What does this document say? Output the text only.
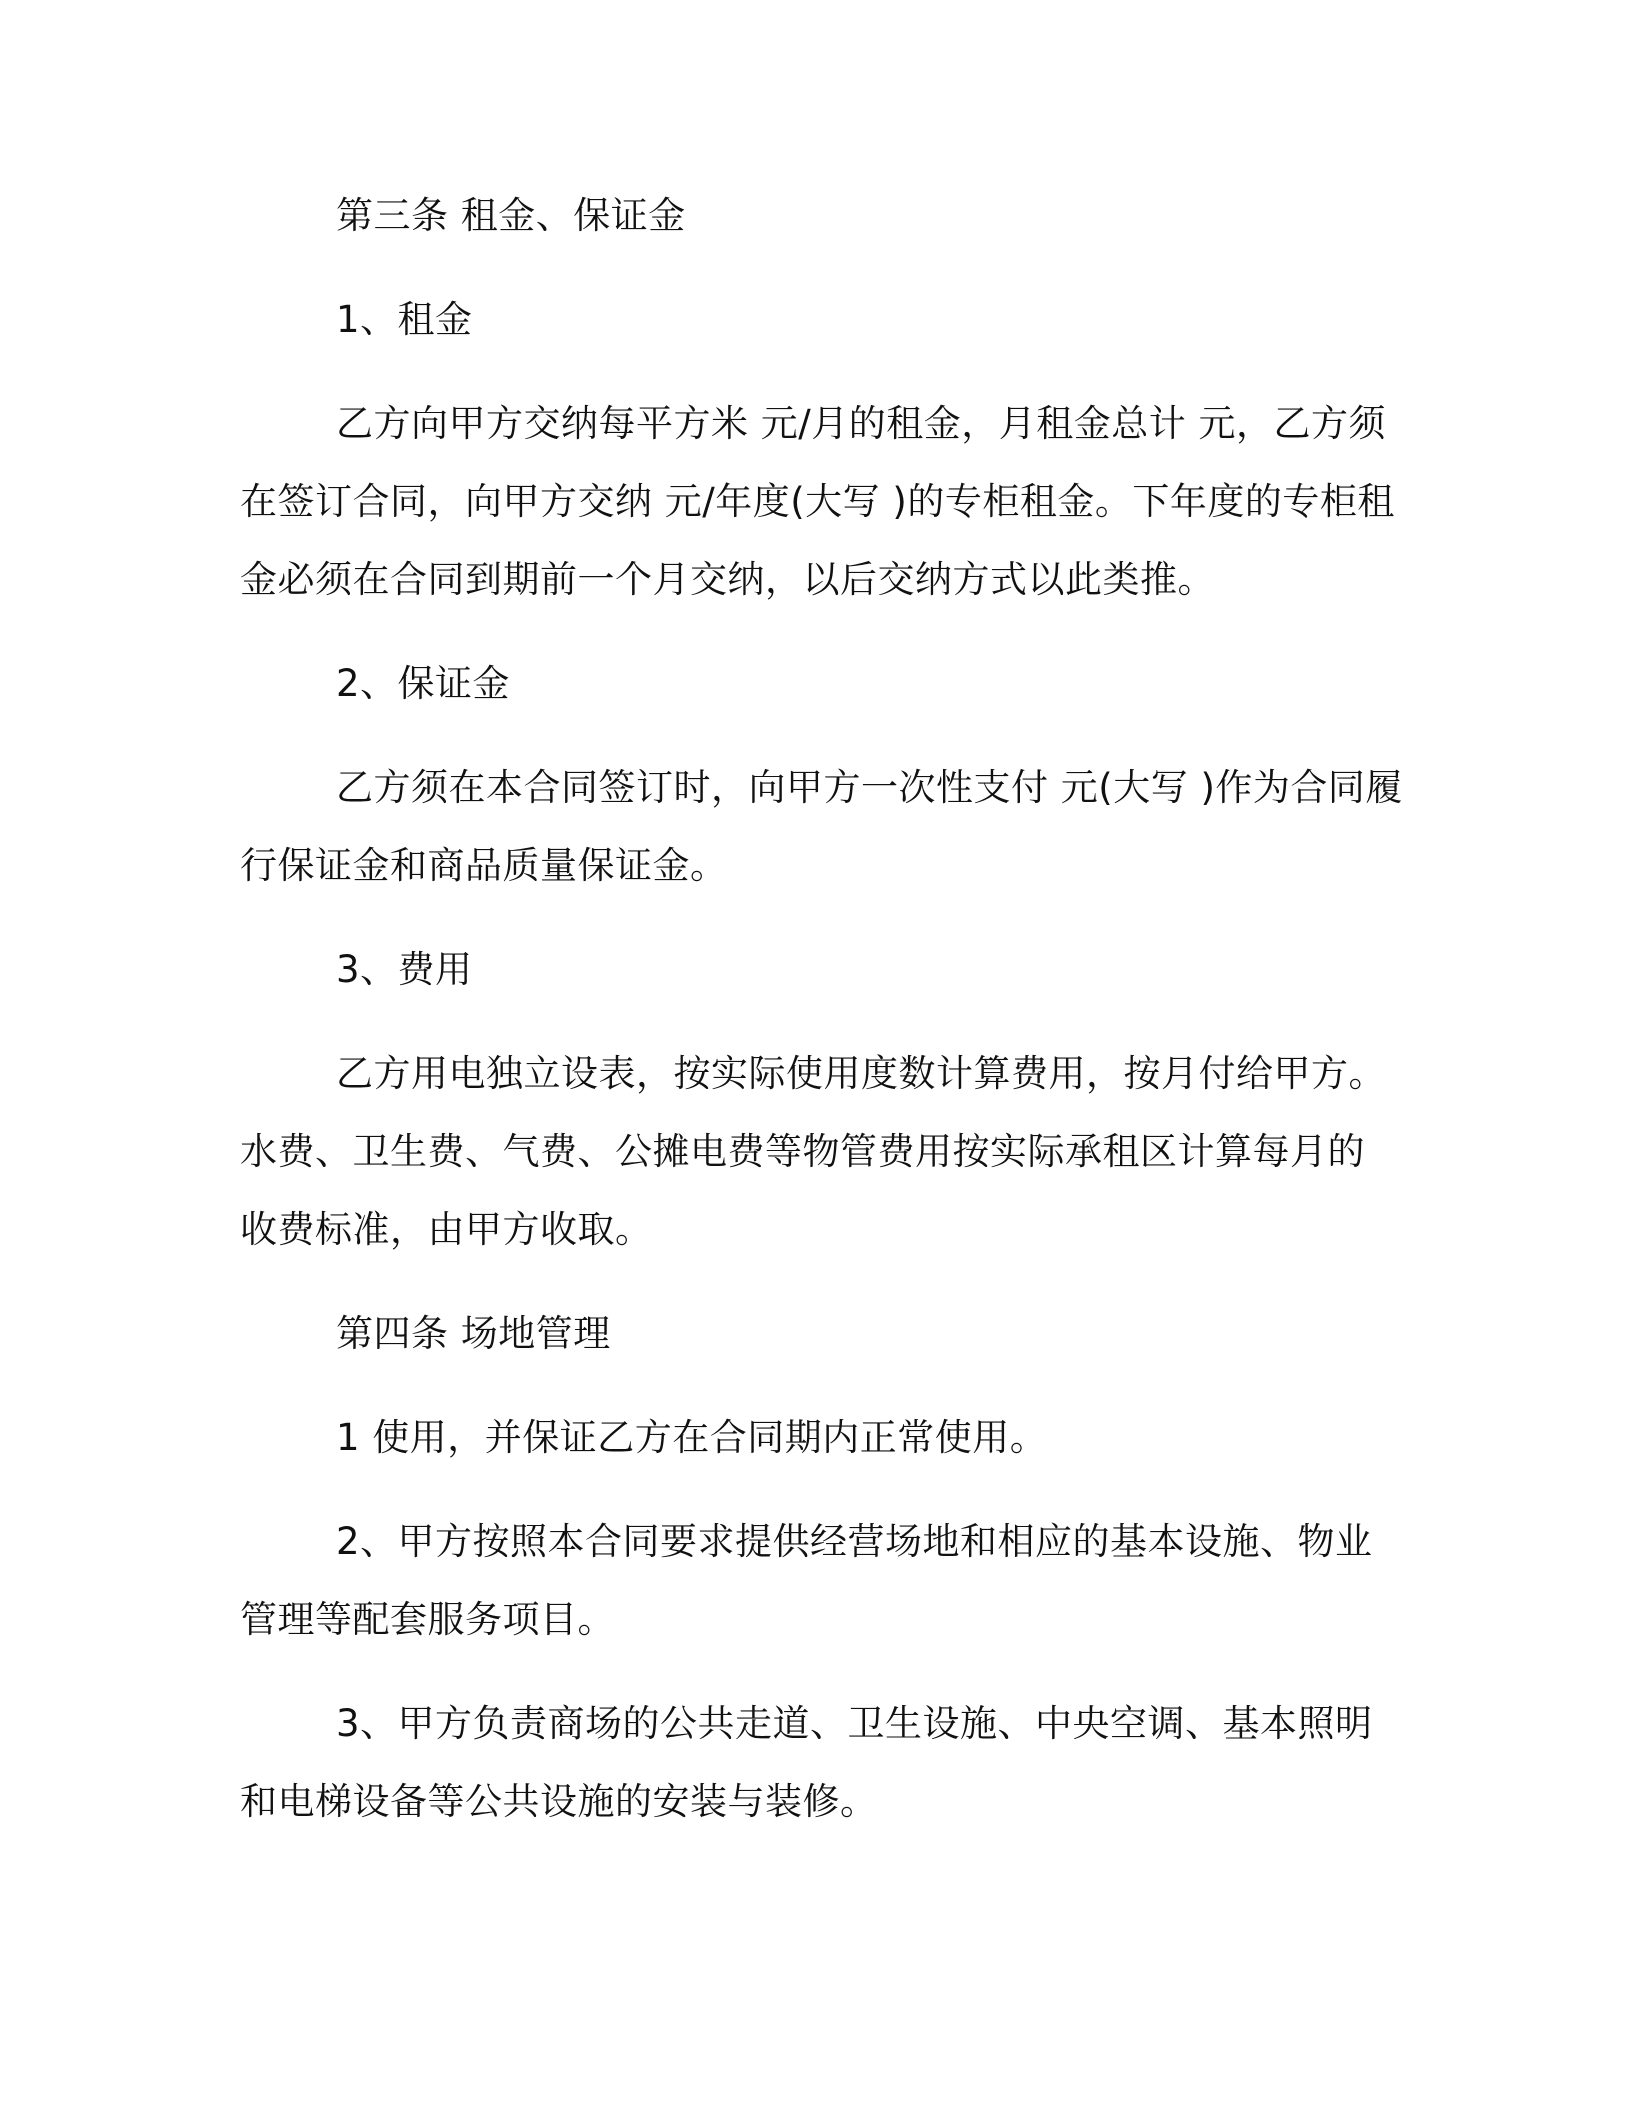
第三条 租金、保证金
1、租金
乙方向甲方交纳每平方米 元/月的租金，月租金总计 元，乙方须
在签订合同，向甲方交纳 元/年度(大写 )的专柜租金。下年度的专柜租
金必须在合同到期前一个月交纳，以后交纳方式以此类推。
2、保证金
乙方须在本合同签订时，向甲方一次性支付 元(大写 )作为合同履
行保证金和商品质量保证金。
3、费用
乙方用电独立设表，按实际使用度数计算费用，按月付给甲方。
水费、卫生费、气费、公摊电费等物管费用按实际承租区计算每月的
收费标准，由甲方收取。
第四条 场地管理
1 使用，并保证乙方在合同期内正常使用。
2、甲方按照本合同要求提供经营场地和相应的基本设施、物业
管理等配套服务项目。
3、甲方负责商场的公共走道、卫生设施、中央空调、基本照明
和电梯设备等公共设施的安装与装修。
